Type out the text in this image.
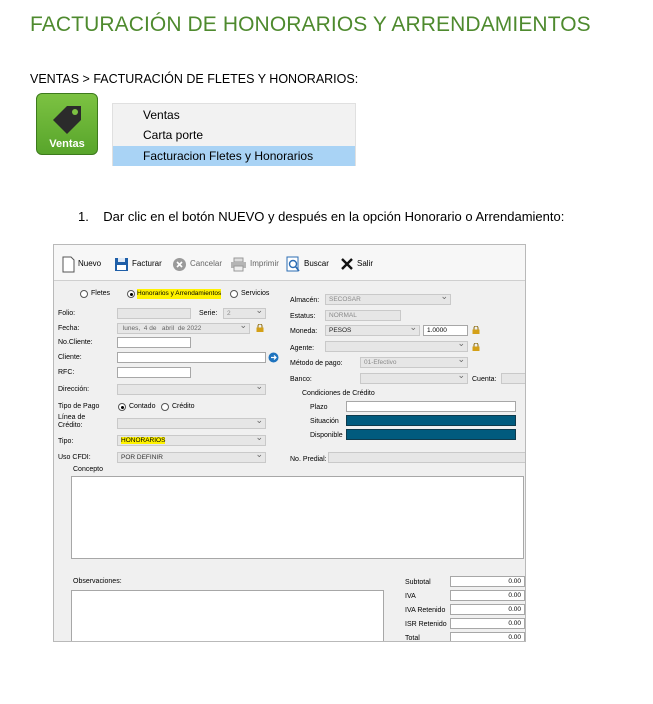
FACTURACIÓN DE HONORARIOS Y ARRENDAMIENTOS
VENTAS > FACTURACIÓN DE FLETES Y HONORARIOS:
Ventas
Ventas
Carta porte
Facturacion Fletes y Honorarios
1. Dar clic en el botón NUEVO y después en la opción Honorario o Arrendamiento:
Nuevo	Facturar	Cancelar	Imprimir	Buscar	Salir
Fletes	Honorarios y Arrendamientos	Servicios
Folio:	Serie:	2 ⌄
Fecha:	lunes, 4 de abril de 2022 ⌄
No.Cliente:
Cliente:
RFC:
Dirección:
⌄
Tipo de Pago	Contado Crédito
Línea de
Crédito:
⌄
Tipo:	HONORARIOS ⌄
Uso CFDI:	POR DEFINIR ⌄
Concepto
Observaciones:
Almacén:	SECOSAR ⌄
Estatus:	NORMAL
Moneda:	PESOS ⌄	1.0000
Agente:
⌄
Método de pago:	01-Efectivo ⌄
Banco:
⌄	Cuenta:
Condiciones de Crédito
Plazo
Situación
Disponible
No. Predial:
Subtotal	0.00
IVA	0.00
IVA Retenido	0.00
ISR Retenido	0.00
Total	0.00
